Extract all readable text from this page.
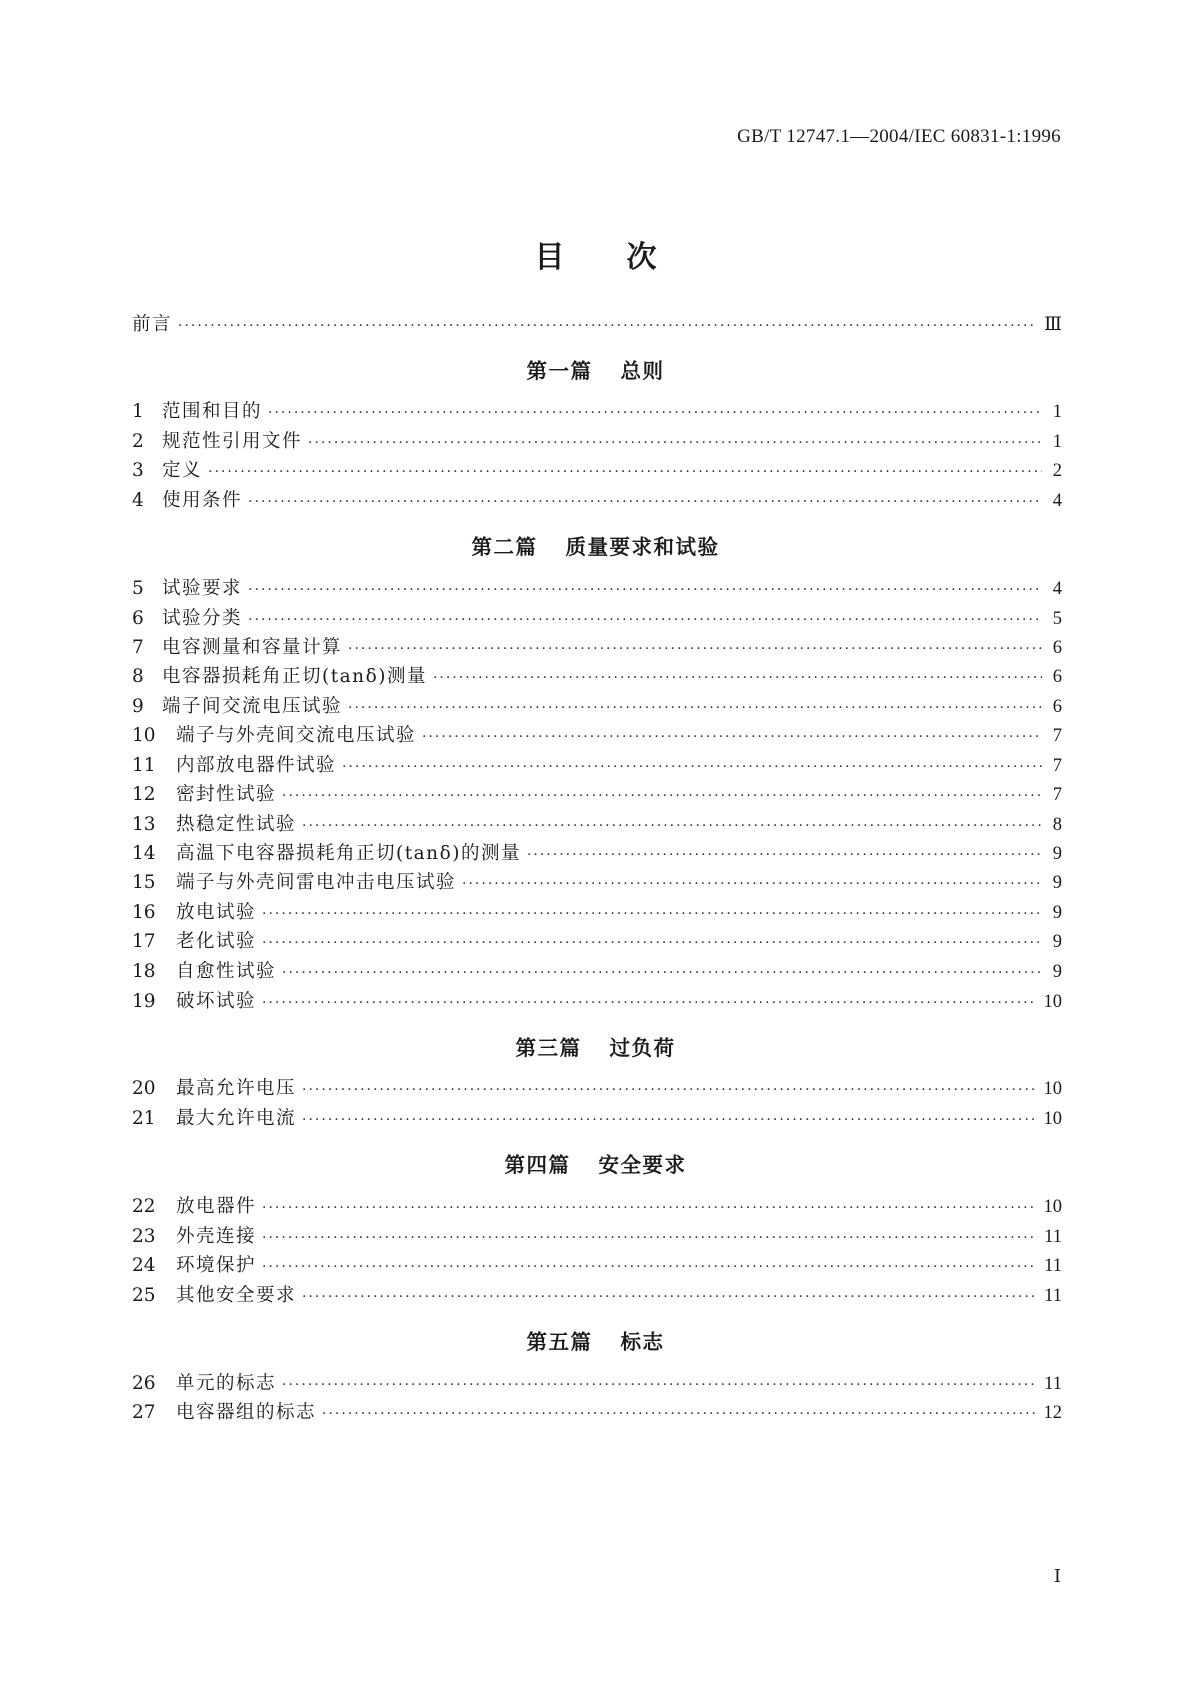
GB/T 12747.1—2004/IEC 60831-1:1996
目 次
前言 ·····	Ⅲ
第一篇 总则
1 范围和目的 ·····	1
2 规范性引用文件 ·····	1
3 定义 ·····	2
4 使用条件 ·····	4
第二篇 质量要求和试验
5 试验要求 ·····	4
6 试验分类 ·····	5
7 电容测量和容量计算 ·····	6
8 电容器损耗角正切(tanδ)测量 ·····	6
9 端子间交流电压试验 ·····	6
10	端子与外壳间交流电压试验 ·····	7
11	内部放电器件试验 ·····	7
12	密封性试验 ·····	7
13	热稳定性试验 ·····	8
14	高温下电容器损耗角正切(tanδ)的测量 ·····	9
15	端子与外壳间雷电冲击电压试验 ·····	9
16	放电试验 ·····	9
17	老化试验 ·····	9
18	自愈性试验 ·····	9
19	破坏试验 ·····	10
第三篇 过负荷
20	最高允许电压 ·····	10
21	最大允许电流 ·····	10
第四篇 安全要求
22	放电器件 ·····	10
23	外壳连接 ·····	11
24	环境保护 ·····	11
25	其他安全要求 ·····	11
第五篇 标志
26	单元的标志 ·····	11
27	电容器组的标志 ·····	12
Ⅰ
